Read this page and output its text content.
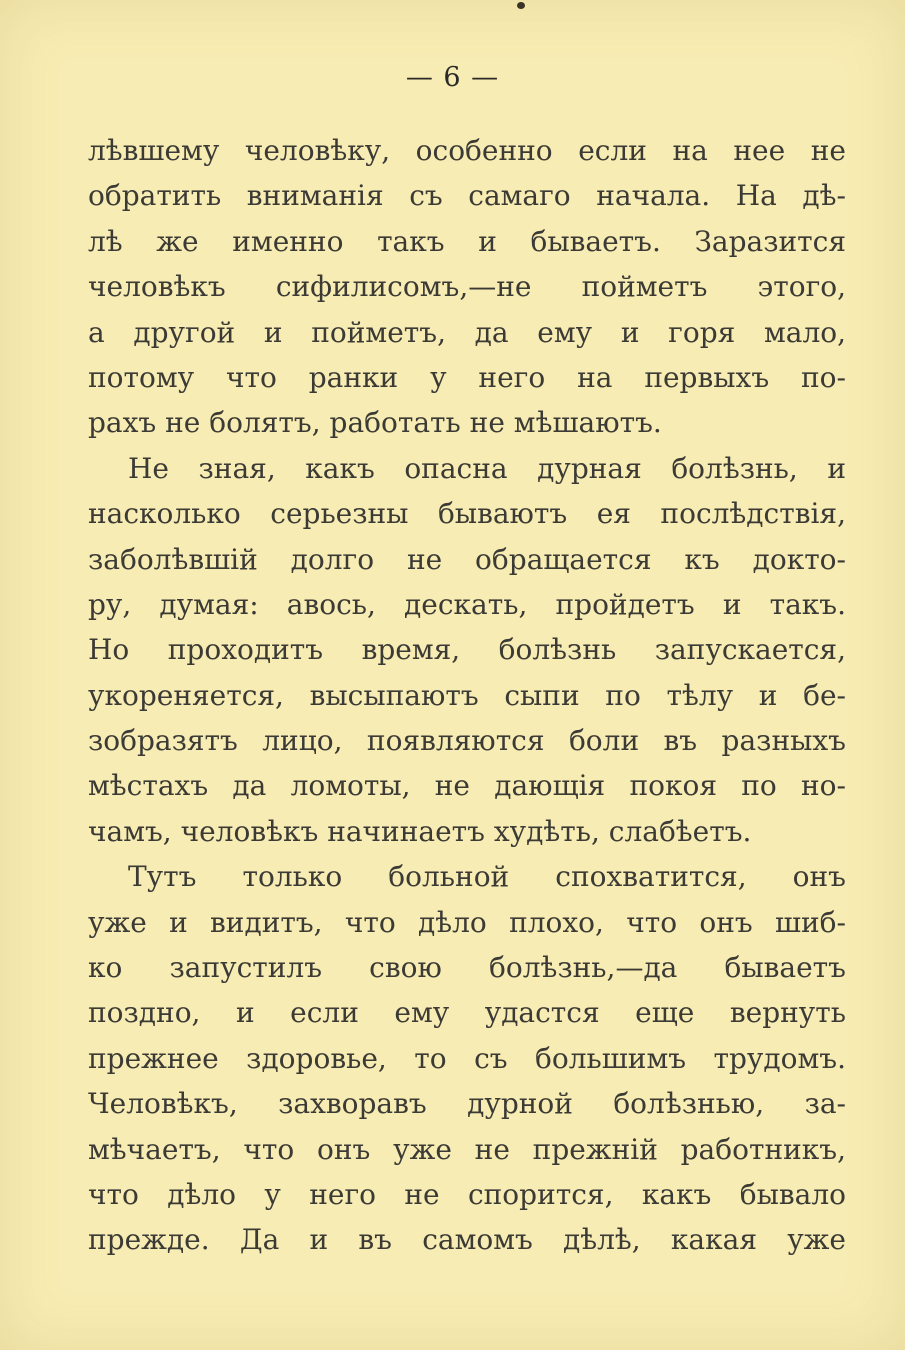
— 6 —
лѣвшему человѣку, особенно если на нее не
обратить вниманія съ самаго начала. На дѣ-
лѣ же именно такъ и бываетъ. Заразится
человѣкъ сифилисомъ,—не пойметъ этого,
а другой и пойметъ, да ему и горя мало,
потому что ранки у него на первыхъ по-
рахъ не болятъ, работать не мѣшаютъ.
Не зная, какъ опасна дурная болѣзнь, и
насколько серьезны бываютъ ея послѣдствія,
заболѣвшій долго не обращается къ докто-
ру, думая: авось, дескать, пройдетъ и такъ.
Но проходитъ время, болѣзнь запускается,
укореняется, высыпаютъ сыпи по тѣлу и бе-
зобразятъ лицо, появляются боли въ разныхъ
мѣстахъ да ломоты, не дающія покоя по но-
чамъ, человѣкъ начинаетъ худѣть, слабѣетъ.
Тутъ только больной спохватится, онъ
уже и видитъ, что дѣло плохо, что онъ шиб-
ко запустилъ свою болѣзнь,—да бываетъ
поздно, и если ему удастся еще вернуть
прежнее здоровье, то съ большимъ трудомъ.
Человѣкъ, захворавъ дурной болѣзнью, за-
мѣчаетъ, что онъ уже не прежній работникъ,
что дѣло у него не спорится, какъ бывало
прежде. Да и въ самомъ дѣлѣ, какая уже
